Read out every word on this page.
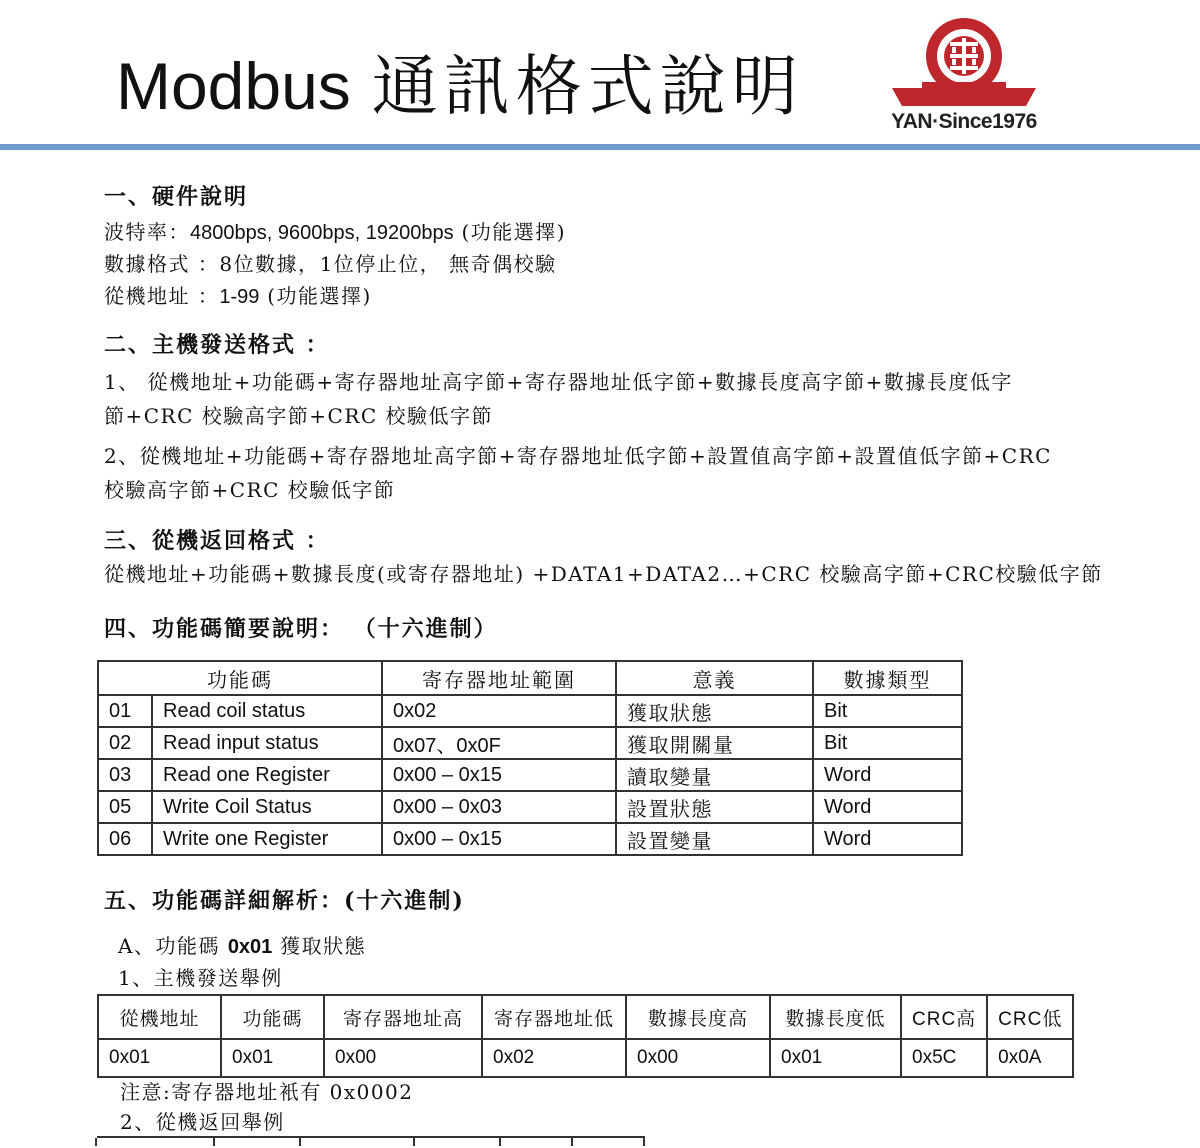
Modbus 通訊格式說明	YAN·Since1976
一、硬件說明
波特率：4800bps, 9600bps, 19200bps (功能選擇)
數據格式 ：8位數據，1位停止位， 無奇偶校驗
從機地址 ：1-99 (功能選擇)
二、主機發送格式 ：
1、 從機地址+功能碼+寄存器地址高字節+寄存器地址低字節+數據長度高字節+數據長度低字
節+CRC 校驗高字節+CRC 校驗低字節
2、從機地址+功能碼+寄存器地址高字節+寄存器地址低字節+設置值高字節+設置值低字節+CRC
校驗高字節+CRC 校驗低字節
三、從機返回格式 ：
從機地址+功能碼+數據長度(或寄存器地址) +DATA1+DATA2…+CRC 校驗高字節+CRC校驗低字節
四、功能碼簡要說明： （十六進制）
功能碼		寄存器地址範圍	意義	數據類型
01	Read coil status	0x02	獲取狀態	Bit
02	Read input status	0x07、0x0F	獲取開關量	Bit
03	Read one Register	0x00 – 0x15	讀取變量	Word
05	Write Coil Status	0x00 – 0x03	設置狀態	Word
06	Write one Register	0x00 – 0x15	設置變量	Word
五、功能碼詳細解析：(十六進制)
A、功能碼 0x01 獲取狀態
1、主機發送舉例
從機地址	功能碼	寄存器地址高	寄存器地址低	數據長度高	數據長度低	CRC高	CRC低
0x01	0x01	0x00	0x02	0x00	0x01	0x5C	0x0A
注意:寄存器地址衹有 0x0002
2、從機返回舉例
